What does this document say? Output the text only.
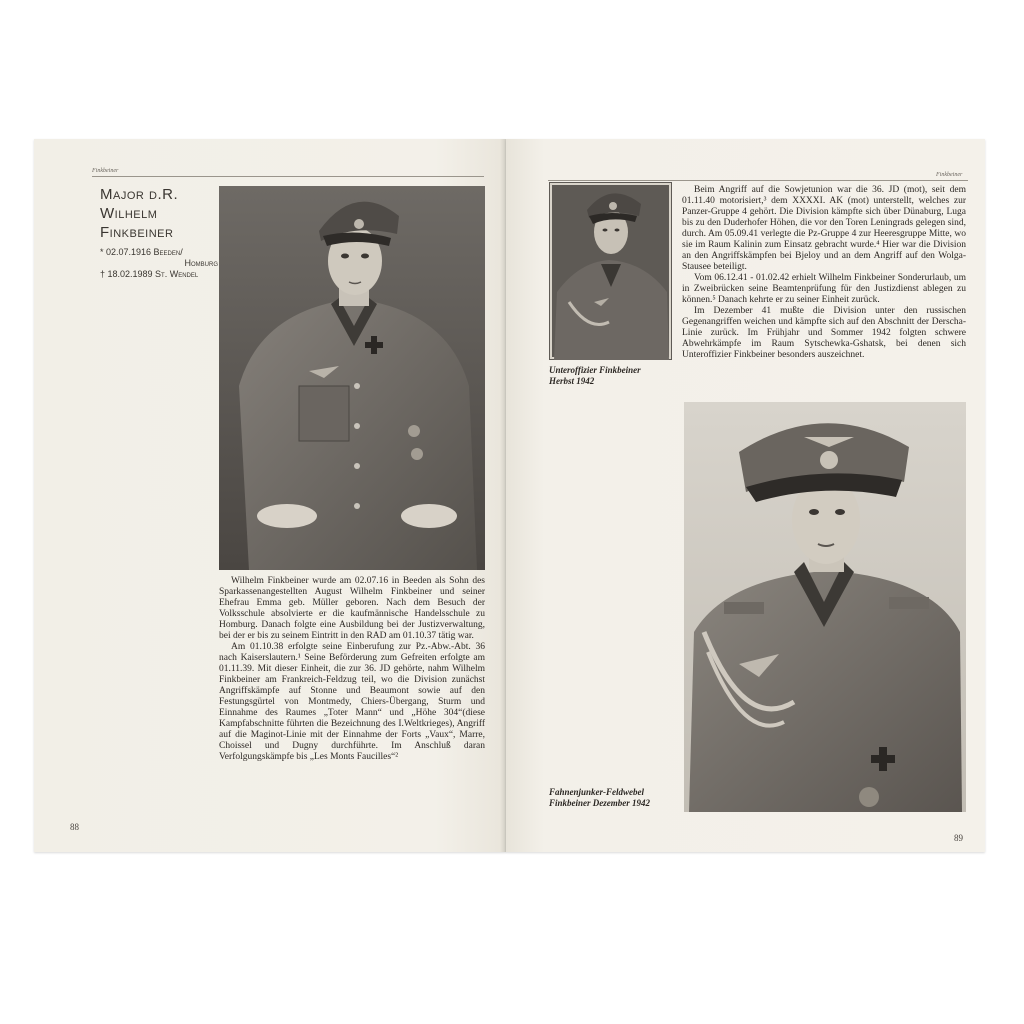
Finkbeiner
Major d.R.
Wilhelm
Finkbeiner
* 02.07.1916 Beeden/
Homburg
† 18.02.1989 St. Wendel

Wilhelm Finkbeiner wurde am 02.07.16 in Beeden als Sohn des Sparkassenangestellten August Wilhelm Finkbeiner und seiner Ehefrau Emma geb. Müller geboren. Nach dem Besuch der Volksschule absolvierte er die kaufmännische Handelsschule zu Homburg. Danach folgte eine Ausbildung bei der Justizverwaltung, bei der er bis zu seinem Eintritt in den RAD am 01.10.37 tätig war.

Am 01.10.38 erfolgte seine Einberufung zur Pz.-Abw.-Abt. 36 nach Kaiserslautern.¹ Seine Beförderung zum Gefreiten erfolgte am 01.11.39. Mit dieser Einheit, die zur 36. JD gehörte, nahm Wilhelm Finkbeiner am Frankreich-Feldzug teil, wo die Division zunächst Angriffskämpfe auf Stonne und Beaumont sowie auf den Festungsgürtel von Montmedy, Chiers-Übergang, Sturm und Einnahme des Raumes „Toter Mann“ und „Höhe 304“(diese Kampfabschnitte führten die Bezeichnung des I.Weltkrieges), Angriff auf die Maginot-Linie mit der Einnahme der Forts „Vaux“, Marre, Choissel und Dugny durchführte. Im Anschluß daran Verfolgungskämpfe bis „Les Monts Faucilles“²

88
Finkbeiner
Unteroffizier Finkbeiner
Herbst 1942

Beim Angriff auf die Sowjetunion war die 36. JD (mot), seit dem 01.11.40 motorisiert,³ dem XXXXI. AK (mot) unterstellt, welches zur Panzer-Gruppe 4 gehört. Die Division kämpfte sich über Dünaburg, Luga bis zu den Duderhofer Höhen, die vor den Toren Leningrads gelegen sind, durch. Am 05.09.41 verlegte die Pz-Gruppe 4 zur Heeresgruppe Mitte, wo sie im Raum Kalinin zum Einsatz gebracht wurde.⁴ Hier war die Division an den Angriffskämpfen bei Bjeloy und an dem Angriff auf den Wolga-Stausee beteiligt.

Vom 06.12.41 - 01.02.42 erhielt Wilhelm Finkbeiner Sonderurlaub, um in Zweibrücken seine Beamtenprüfung für den Justizdienst ablegen zu können.⁵ Danach kehrte er zu seiner Einheit zurück.

Im Dezember 41 mußte die Division unter den russischen Gegenangriffen weichen und kämpfte sich auf den Abschnitt der Derscha-Linie zurück. Im Frühjahr und Sommer 1942 folgten schwere Abwehrkämpfe im Raum Sytschewka-Gshatsk, bei denen sich Unteroffizier Finkbeiner besonders auszeichnet.

Fahnenjunker-Feldwebel
Finkbeiner Dezember 1942
89
